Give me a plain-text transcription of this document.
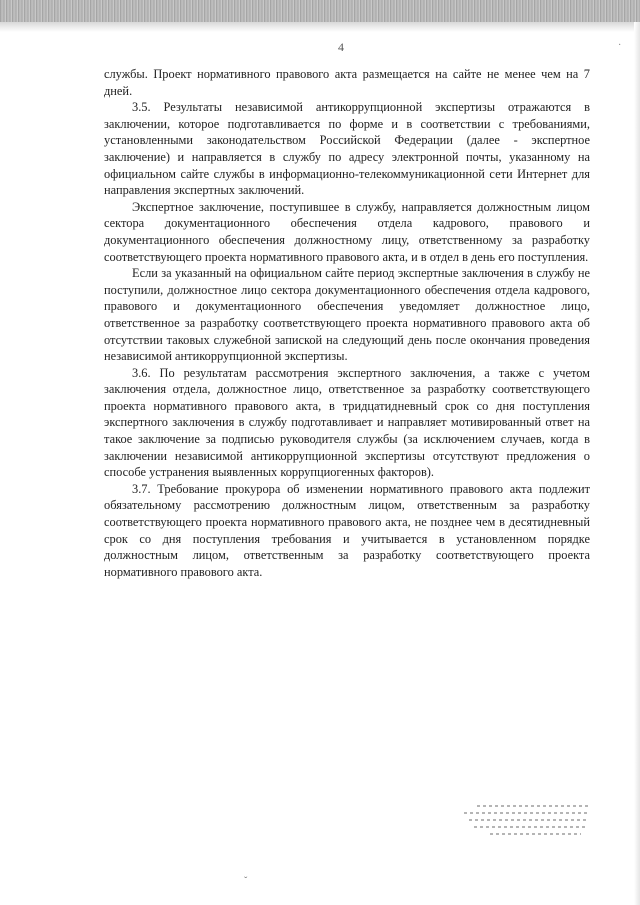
4	·

службы. Проект нормативного правового акта размещается на сайте не менее чем на 7 дней.

3.5. Результаты независимой антикоррупционной экспертизы отражаются в заключении, которое подготавливается по форме и в соответствии с требованиями, установленными законодательством Российской Федерации (далее - экспертное заключение) и направляется в службу по адресу электронной почты, указанному на официальном сайте службы в информационно-телекоммуникационной сети Интернет для направления экспертных заключений.

Экспертное заключение, поступившее в службу, направляется должностным лицом сектора документационного обеспечения отдела кадрового, правового и документационного обеспечения должностному лицу, ответственному за разработку соответствующего проекта нормативного правового акта, и в отдел в день его поступления.

Если за указанный на официальном сайте период экспертные заключения в службу не поступили, должностное лицо сектора документационного обеспечения отдела кадрового, правового и документационного обеспечения уведомляет должностное лицо, ответственное за разработку соответствующего проекта нормативного правового акта об отсутствии таковых служебной запиской на следующий день после окончания проведения независимой антикоррупционной экспертизы.

3.6. По результатам рассмотрения экспертного заключения, а также с учетом заключения отдела, должностное лицо, ответственное за разработку соответствующего проекта нормативного правового акта, в тридцатидневный срок со дня поступления экспертного заключения в службу подготавливает и направляет мотивированный ответ на такое заключение за подписью руководителя службы (за исключением случаев, когда в заключении независимой антикоррупционной экспертизы отсутствуют предложения о способе устранения выявленных коррупциогенных факторов).

3.7. Требование прокурора об изменении нормативного правового акта подлежит обязательному рассмотрению должностным лицом, ответственным за разработку соответствующего проекта нормативного правового акта, не позднее чем в десятидневный срок со дня поступления требования и учитывается в установленном порядке должностным лицом, ответственным за разработку соответствующего проекта нормативного правового акта.

ˇ
